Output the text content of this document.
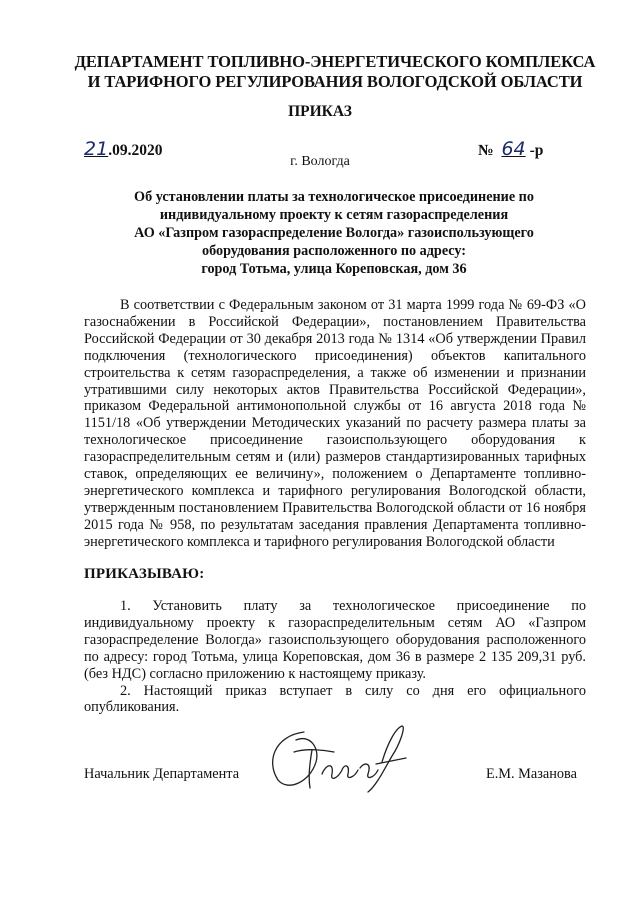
ДЕПАРТАМЕНТ ТОПЛИВНО-ЭНЕРГЕТИЧЕСКОГО КОМПЛЕКСА
И ТАРИФНОГО РЕГУЛИРОВАНИЯ ВОЛОГОДСКОЙ ОБЛАСТИ
ПРИКАЗ
21.09.2020	№ 64 -р
г. Вологда
Об установлении платы за технологическое присоединение по
индивидуальному проекту к сетям газораспределения
АО «Газпром газораспределение Вологда» газоиспользующего
оборудования расположенного по адресу:
город Тотьма, улица Кореповская, дом 36

В соответствии с Федеральным законом от 31 марта 1999 года № 69-ФЗ «О газоснабжении в Российской Федерации», постановлением Правительства Российской Федерации от 30 декабря 2013 года № 1314 «Об утверждении Правил подключения (технологического присоединения) объектов капитального строительства к сетям газораспределения, а также об изменении и признании утратившими силу некоторых актов Правительства Российской Федерации», приказом Федеральной антимонопольной службы от 16 августа 2018 года № 1151/18 «Об утверждении Методических указаний по расчету размера платы за технологическое присоединение газоиспользующего оборудования к газораспределительным сетям и (или) размеров стандартизированных тарифных ставок, определяющих ее величину», положением о Департаменте топливно-энергетического комплекса и тарифного регулирования Вологодской области, утвержденным постановлением Правительства Вологодской области от 16 ноября 2015 года № 958, по результатам заседания правления Департамента топливно-энергетического комплекса и тарифного регулирования Вологодской области

ПРИКАЗЫВАЮ:

1. Установить плату за технологическое присоединение по индивидуальному проекту к газораспределительным сетям АО «Газпром газораспределение Вологда» газоиспользующего оборудования расположенного по адресу: город Тотьма, улица Кореповская, дом 36 в размере 2 135 209,31 руб. (без НДС) согласно приложению к настоящему приказу.

2. Настоящий приказ вступает в силу со дня его официального опубликования.

Начальник Департамента	Е.М. Мазанова
